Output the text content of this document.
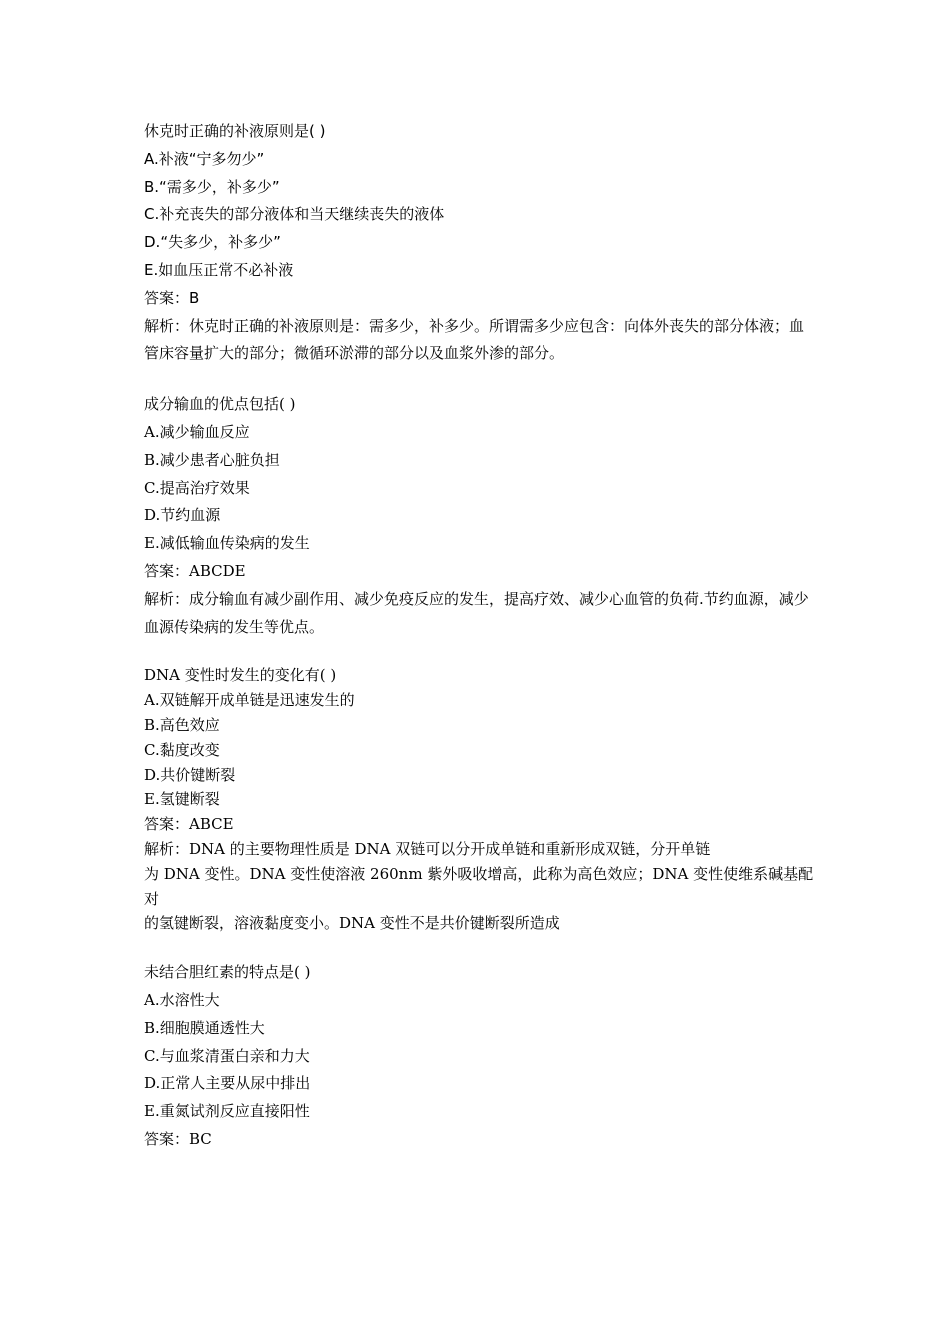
休克时正确的补液原则是( )
A.补液“宁多勿少”
B.“需多少，补多少”
C.补充丧失的部分液体和当天继续丧失的液体
D.“失多少，补多少”
E.如血压正常不必补液
答案：B
解析：休克时正确的补液原则是：需多少，补多少。所谓需多少应包含：向体外丧失的部分体液；血管床容量扩大的部分；微循环淤滞的部分以及血浆外渗的部分。
成分输血的优点包括( )
A.减少输血反应
B.减少患者心脏负担
C.提高治疗效果
D.节约血源
E.减低输血传染病的发生
答案：ABCDE
解析：成分输血有减少副作用、减少免疫反应的发生，提高疗效、减少心血管的负荷.节约血源，减少血源传染病的发生等优点。
DNA 变性时发生的变化有( )
A.双链解开成单链是迅速发生的
B.高色效应
C.黏度改变
D.共价键断裂
E.氢键断裂
答案：ABCE
解析：DNA 的主要物理性质是 DNA 双链可以分开成单链和重新形成双链，分开单链
为 DNA 变性。DNA 变性使溶液 260nm 紫外吸收增高，此称为高色效应；DNA 变性使维系碱基配对
的氢键断裂，溶液黏度变小。DNA 变性不是共价键断裂所造成
未结合胆红素的特点是( )
A.水溶性大
B.细胞膜通透性大
C.与血浆清蛋白亲和力大
D.正常人主要从尿中排出
E.重氮试剂反应直接阳性
答案：BC
